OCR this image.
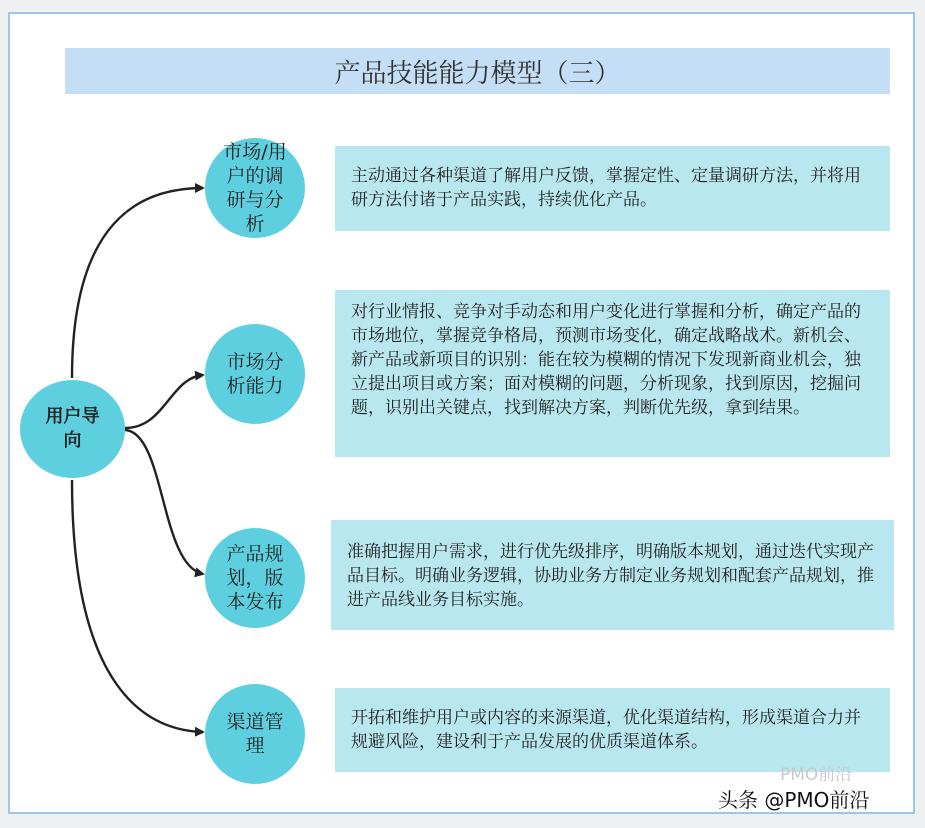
产品技能能力模型（三）
用户导向
市场/用户的调研与分析
市场分析能力
产品规划，版本发布
渠道管理
主动通过各种渠道了解用户反馈，掌握定性、定量调研方法，并将用研方法付诸于产品实践，持续优化产品。
对行业情报、竞争对手动态和用户变化进行掌握和分析，确定产品的市场地位，掌握竞争格局，预测市场变化，确定战略战术。新机会、新产品或新项目的识别：能在较为模糊的情况下发现新商业机会，独立提出项目或方案；面对模糊的问题，分析现象，找到原因，挖掘问题，识别出关键点，找到解决方案，判断优先级，拿到结果。
准确把握用户需求，进行优先级排序，明确版本规划，通过迭代实现产品目标。明确业务逻辑，协助业务方制定业务规划和配套产品规划，推进产品线业务目标实施。
开拓和维护用户或内容的来源渠道，优化渠道结构，形成渠道合力并规避风险，建设利于产品发展的优质渠道体系。
PMO前沿
头条 @PMO前沿
